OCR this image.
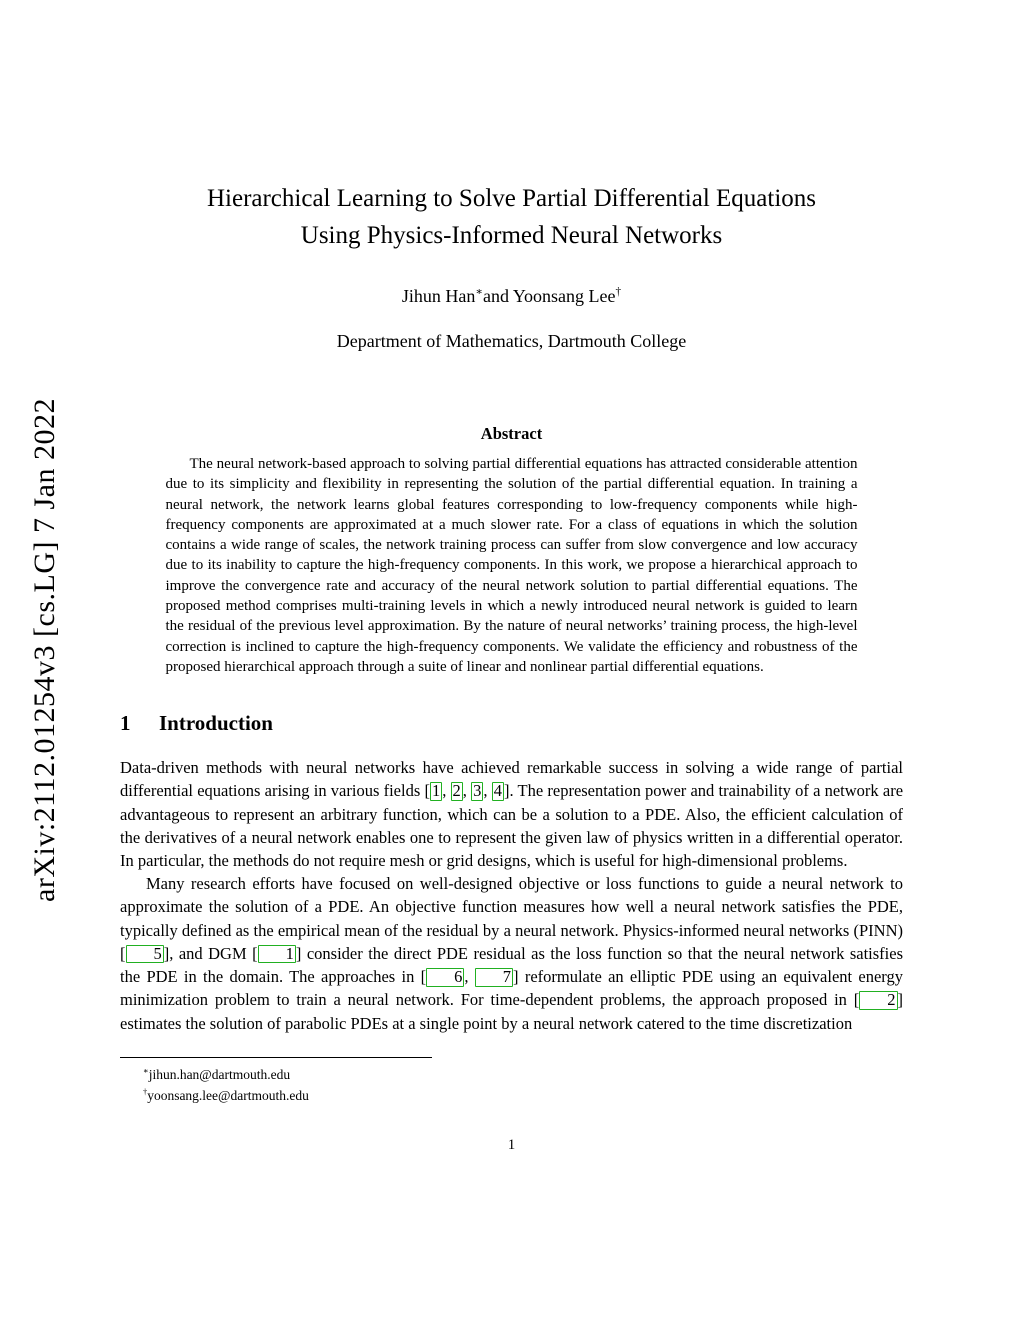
arXiv:2112.01254v3 [cs.LG] 7 Jan 2022
Hierarchical Learning to Solve Partial Differential Equations
Using Physics-Informed Neural Networks
Jihun Han∗and Yoonsang Lee†
Department of Mathematics, Dartmouth College
Abstract

The neural network-based approach to solving partial differential equations has attracted considerable attention due to its simplicity and flexibility in representing the solution of the partial differential equation. In training a neural network, the network learns global features corresponding to low-frequency components while high-frequency components are approximated at a much slower rate. For a class of equations in which the solution contains a wide range of scales, the network training process can suffer from slow convergence and low accuracy due to its inability to capture the high-frequency components. In this work, we propose a hierarchical approach to improve the convergence rate and accuracy of the neural network solution to partial differential equations. The proposed method comprises multi-training levels in which a newly introduced neural network is guided to learn the residual of the previous level approximation. By the nature of neural networks’ training process, the high-level correction is inclined to capture the high-frequency components. We validate the efficiency and robustness of the proposed hierarchical approach through a suite of linear and nonlinear partial differential equations.

1 Introduction

Data-driven methods with neural networks have achieved remarkable success in solving a wide range of partial differential equations arising in various fields [ 1 , 2 , 3 , 4 ]. The representation power and trainability of a network are advantageous to represent an arbitrary function, which can be a solution to a PDE. Also, the efficient calculation of the derivatives of a neural network enables one to represent the given law of physics written in a differential operator. In particular, the methods do not require mesh or grid designs, which is useful for high-dimensional problems.

Many research efforts have focused on well-designed objective or loss functions to guide a neural network to approximate the solution of a PDE. An objective function measures how well a neural network satisfies the PDE, typically defined as the empirical mean of the residual by a neural network. Physics-informed neural networks (PINN) [ 5 ], and DGM [ 1 ] consider the direct PDE residual as the loss function so that the neural network satisfies the PDE in the domain. The approaches in [ 6 , 7 ] reformulate an elliptic PDE using an equivalent energy minimization problem to train a neural network. For time-dependent problems, the approach proposed in [ 2 ] estimates the solution of parabolic PDEs at a single point by a neural network catered to the time discretization

∗jihun.han@dartmouth.edu
†yoonsang.lee@dartmouth.edu
1
